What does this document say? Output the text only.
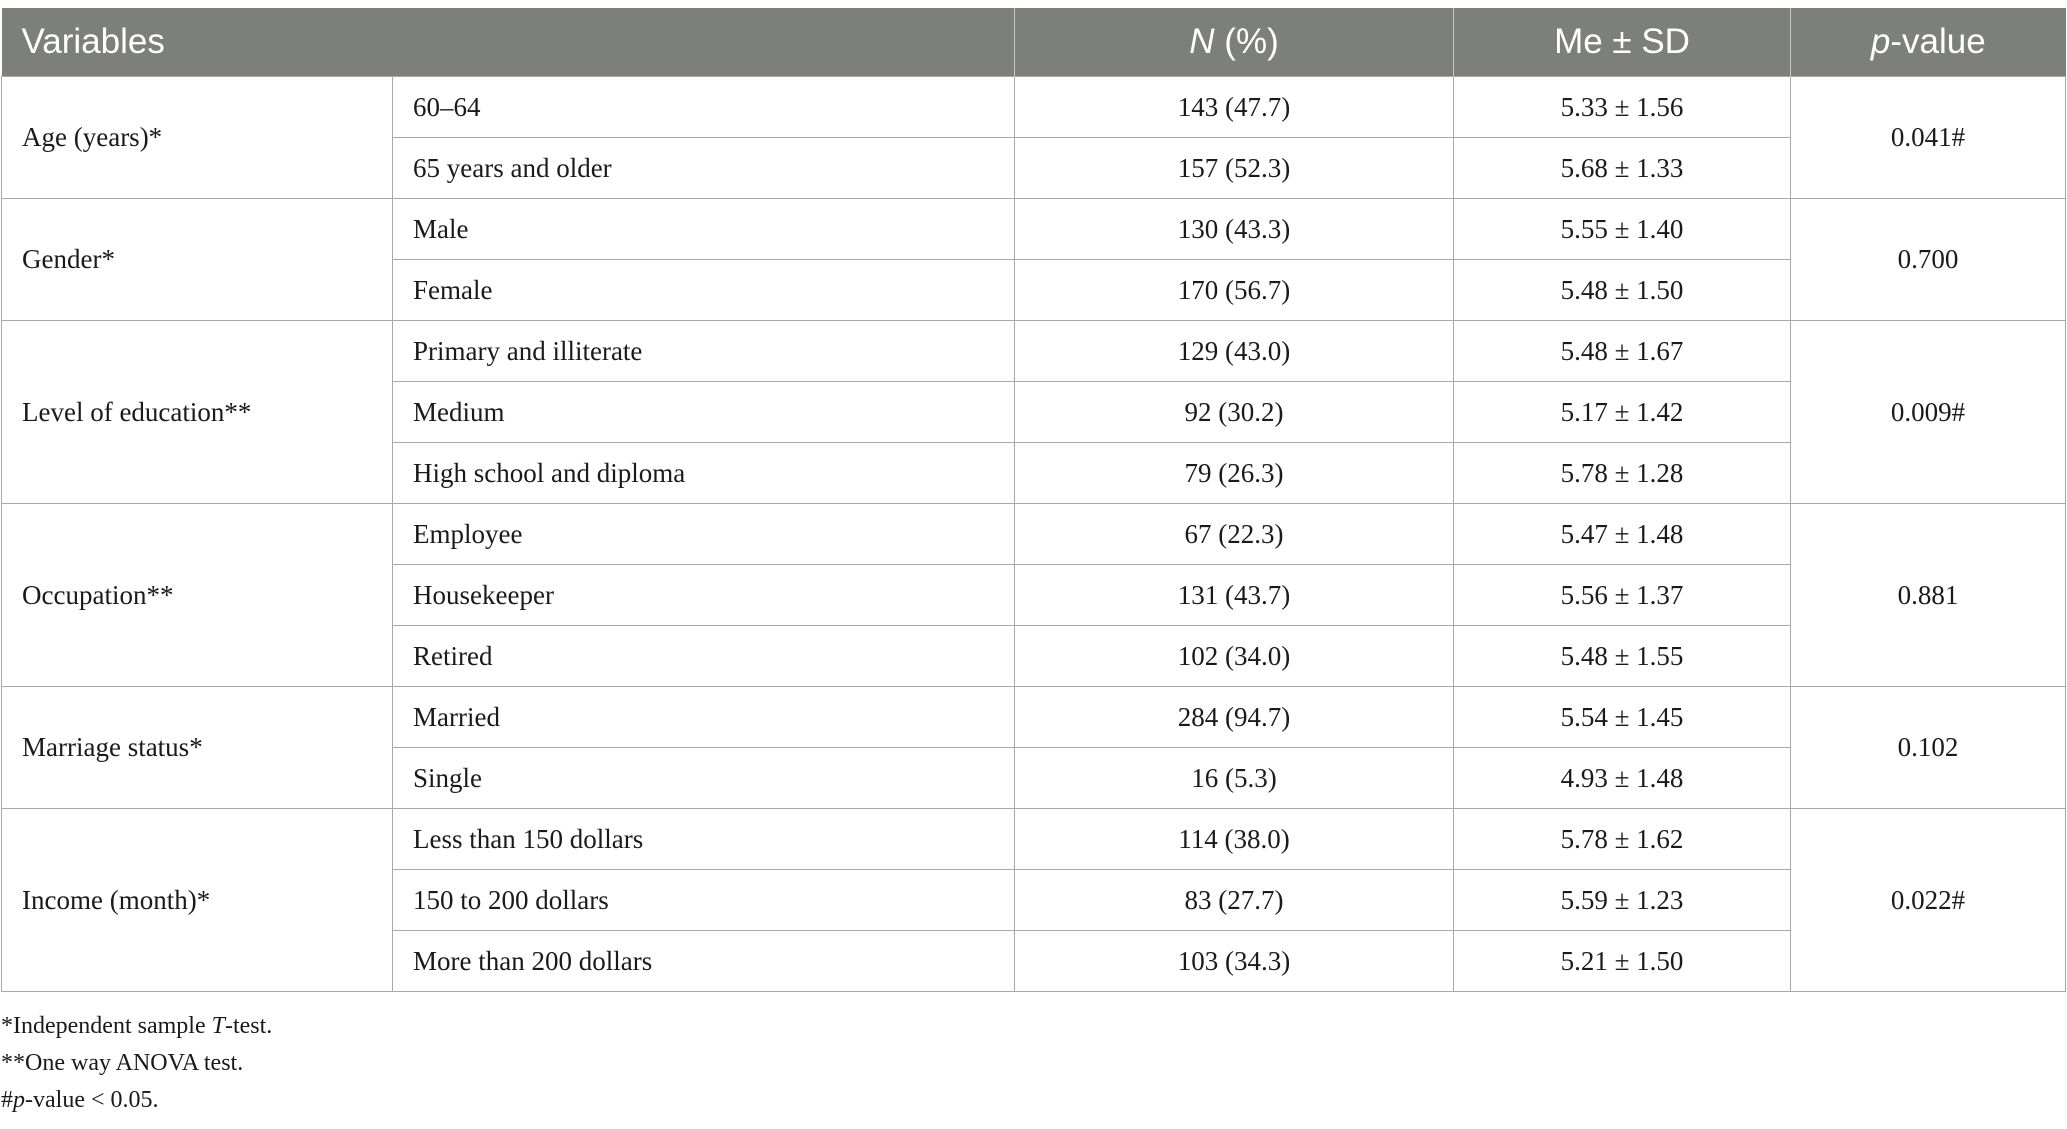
Variables		N (%)	Me ± SD	p-value
Age (years)*	60–64	143 (47.7)	5.33 ± 1.56	0.041#
	65 years and older	157 (52.3)	5.68 ± 1.33	
Gender*	Male	130 (43.3)	5.55 ± 1.40	0.700
	Female	170 (56.7)	5.48 ± 1.50	
Level of education**	Primary and illiterate	129 (43.0)	5.48 ± 1.67	0.009#
	Medium	92 (30.2)	5.17 ± 1.42	
	High school and diploma	79 (26.3)	5.78 ± 1.28	
Occupation**	Employee	67 (22.3)	5.47 ± 1.48	0.881
	Housekeeper	131 (43.7)	5.56 ± 1.37	
	Retired	102 (34.0)	5.48 ± 1.55	
Marriage status*	Married	284 (94.7)	5.54 ± 1.45	0.102
	Single	16 (5.3)	4.93 ± 1.48	
Income (month)*	Less than 150 dollars	114 (38.0)	5.78 ± 1.62	0.022#
	150 to 200 dollars	83 (27.7)	5.59 ± 1.23	
	More than 200 dollars	103 (34.3)	5.21 ± 1.50	
*Independent sample T-test.
**One way ANOVA test.
#p-value < 0.05.
